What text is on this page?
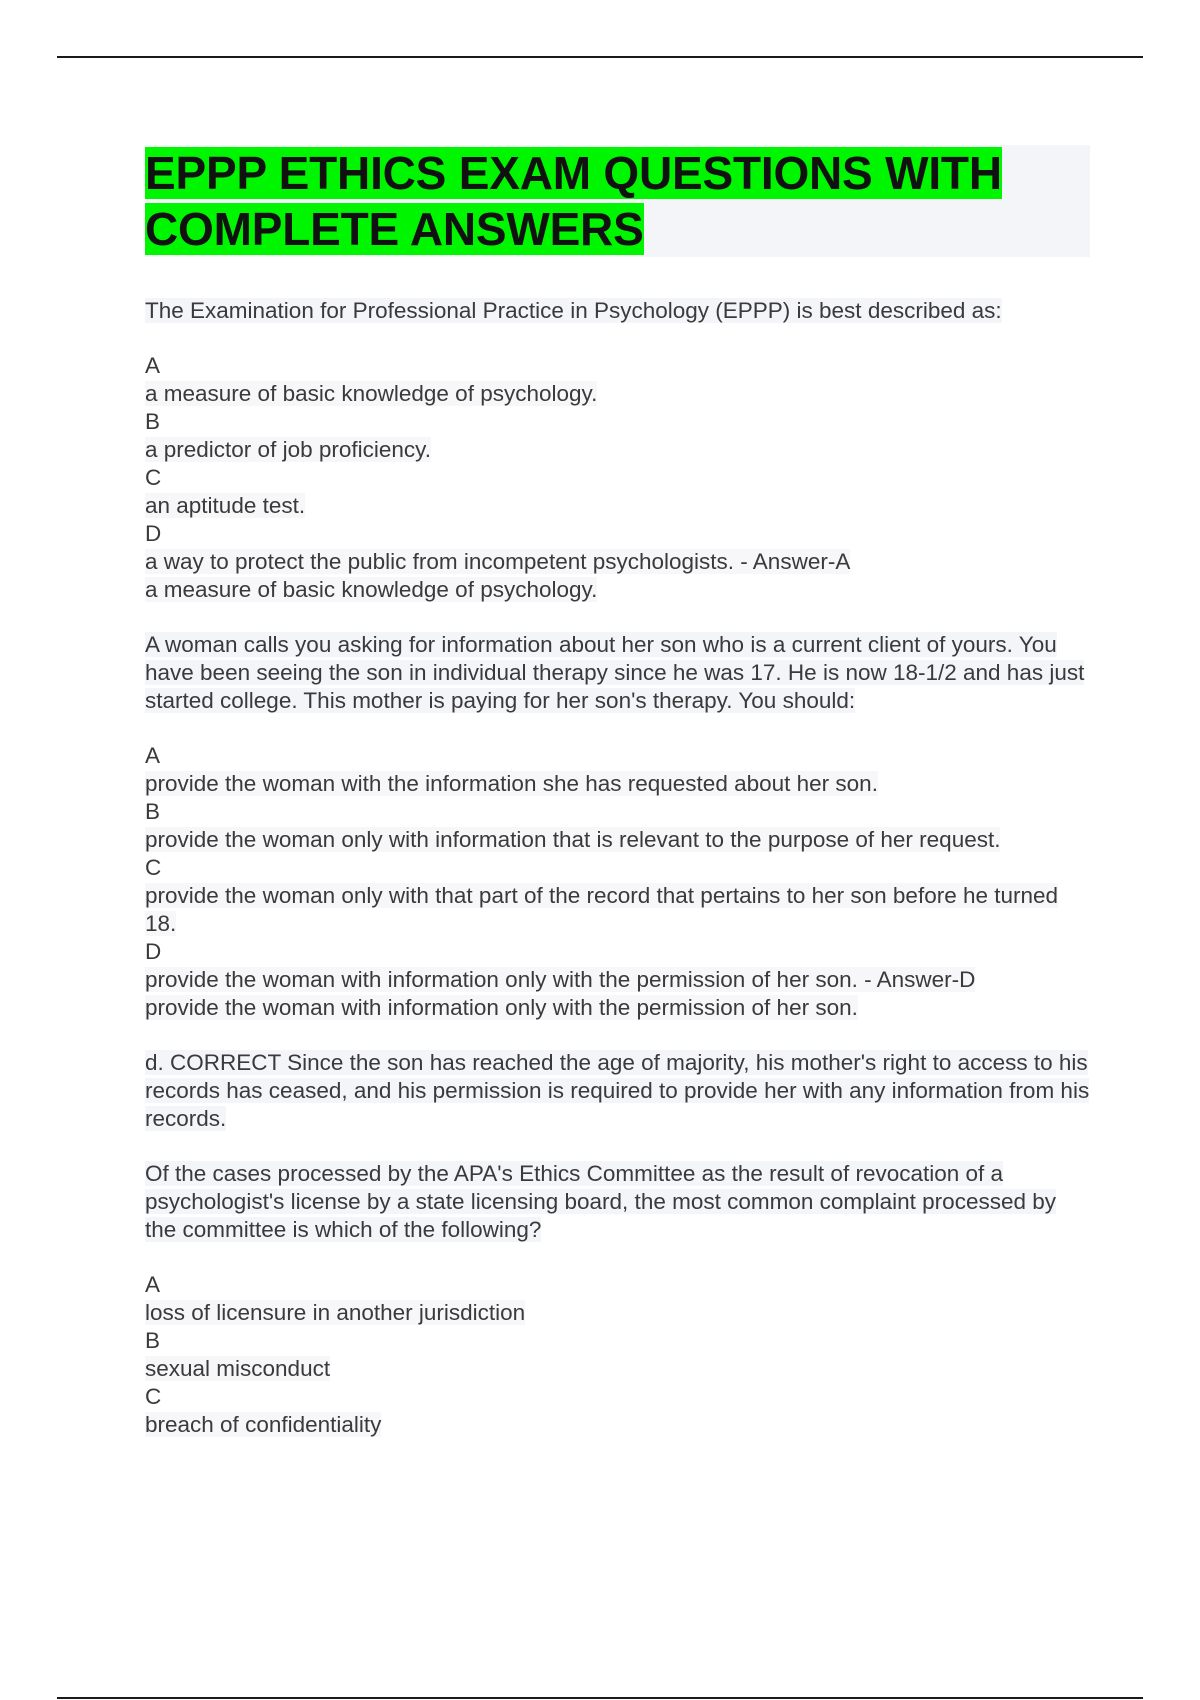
EPPP ETHICS EXAM QUESTIONS WITH COMPLETE ANSWERS

The Examination for Professional Practice in Psychology (EPPP) is best described as:

A
a measure of basic knowledge of psychology.
B
a predictor of job proficiency.
C
an aptitude test.
D
a way to protect the public from incompetent psychologists. - Answer-A
a measure of basic knowledge of psychology.

A woman calls you asking for information about her son who is a current client of yours. You have been seeing the son in individual therapy since he was 17. He is now 18-1/2 and has just started college. This mother is paying for her son's therapy. You should:

A
provide the woman with the information she has requested about her son.
B
provide the woman only with information that is relevant to the purpose of her request.
C
provide the woman only with that part of the record that pertains to her son before he turned 18.
D
provide the woman with information only with the permission of her son. - Answer-D
provide the woman with information only with the permission of her son.

d. CORRECT Since the son has reached the age of majority, his mother's right to access to his records has ceased, and his permission is required to provide her with any information from his records.

Of the cases processed by the APA's Ethics Committee as the result of revocation of a psychologist's license by a state licensing board, the most common complaint processed by the committee is which of the following?

A
loss of licensure in another jurisdiction
B
sexual misconduct
C
breach of confidentiality
